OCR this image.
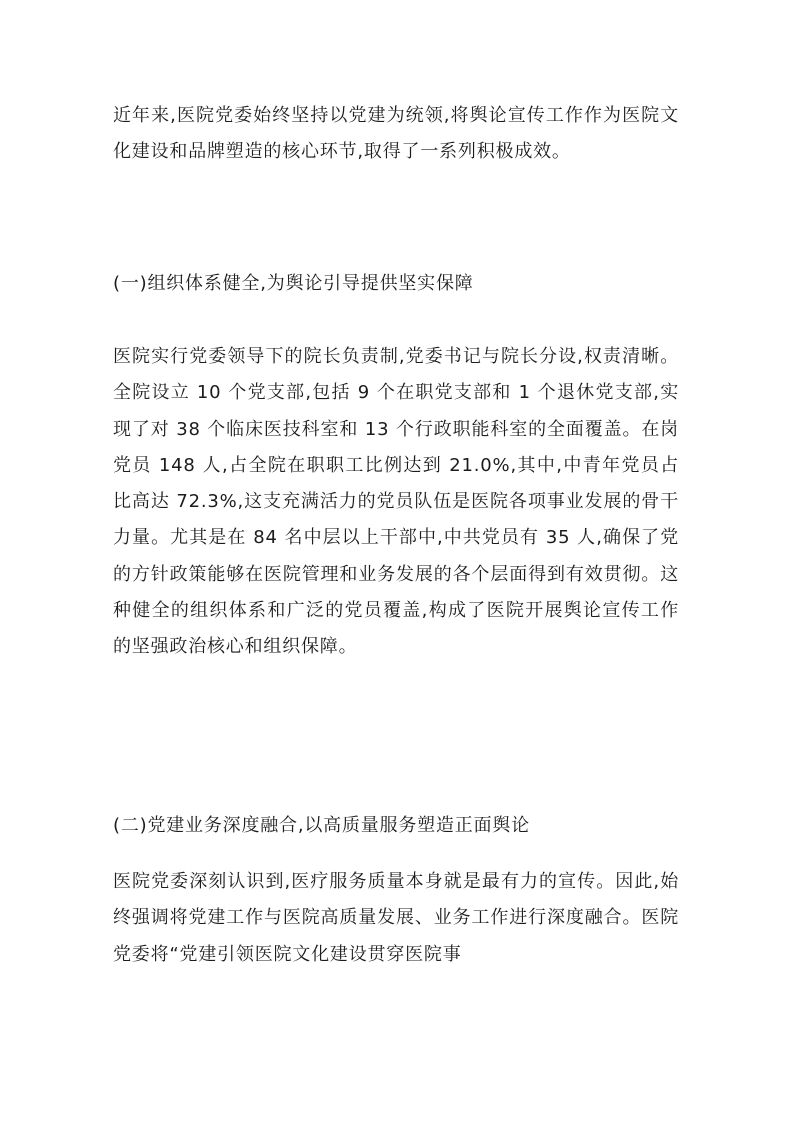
近年来,医院党委始终坚持以党建为统领,将舆论宣传工作作为医院文化建设和品牌塑造的核心环节,取得了一系列积极成效。

(一)组织体系健全,为舆论引导提供坚实保障

医院实行党委领导下的院长负责制,党委书记与院长分设,权责清晰。全院设立 10 个党支部,包括 9 个在职党支部和 1 个退休党支部,实现了对 38 个临床医技科室和 13 个行政职能科室的全面覆盖。在岗党员 148 人,占全院在职职工比例达到 21.0%,其中,中青年党员占比高达 72.3%,这支充满活力的党员队伍是医院各项事业发展的骨干力量。尤其是在 84 名中层以上干部中,中共党员有 35 人,确保了党的方针政策能够在医院管理和业务发展的各个层面得到有效贯彻。这种健全的组织体系和广泛的党员覆盖,构成了医院开展舆论宣传工作的坚强政治核心和组织保障。

(二)党建业务深度融合,以高质量服务塑造正面舆论

医院党委深刻认识到,医疗服务质量本身就是最有力的宣传。因此,始终强调将党建工作与医院高质量发展、业务工作进行深度融合。医院党委将“党建引领医院文化建设贯穿医院事
